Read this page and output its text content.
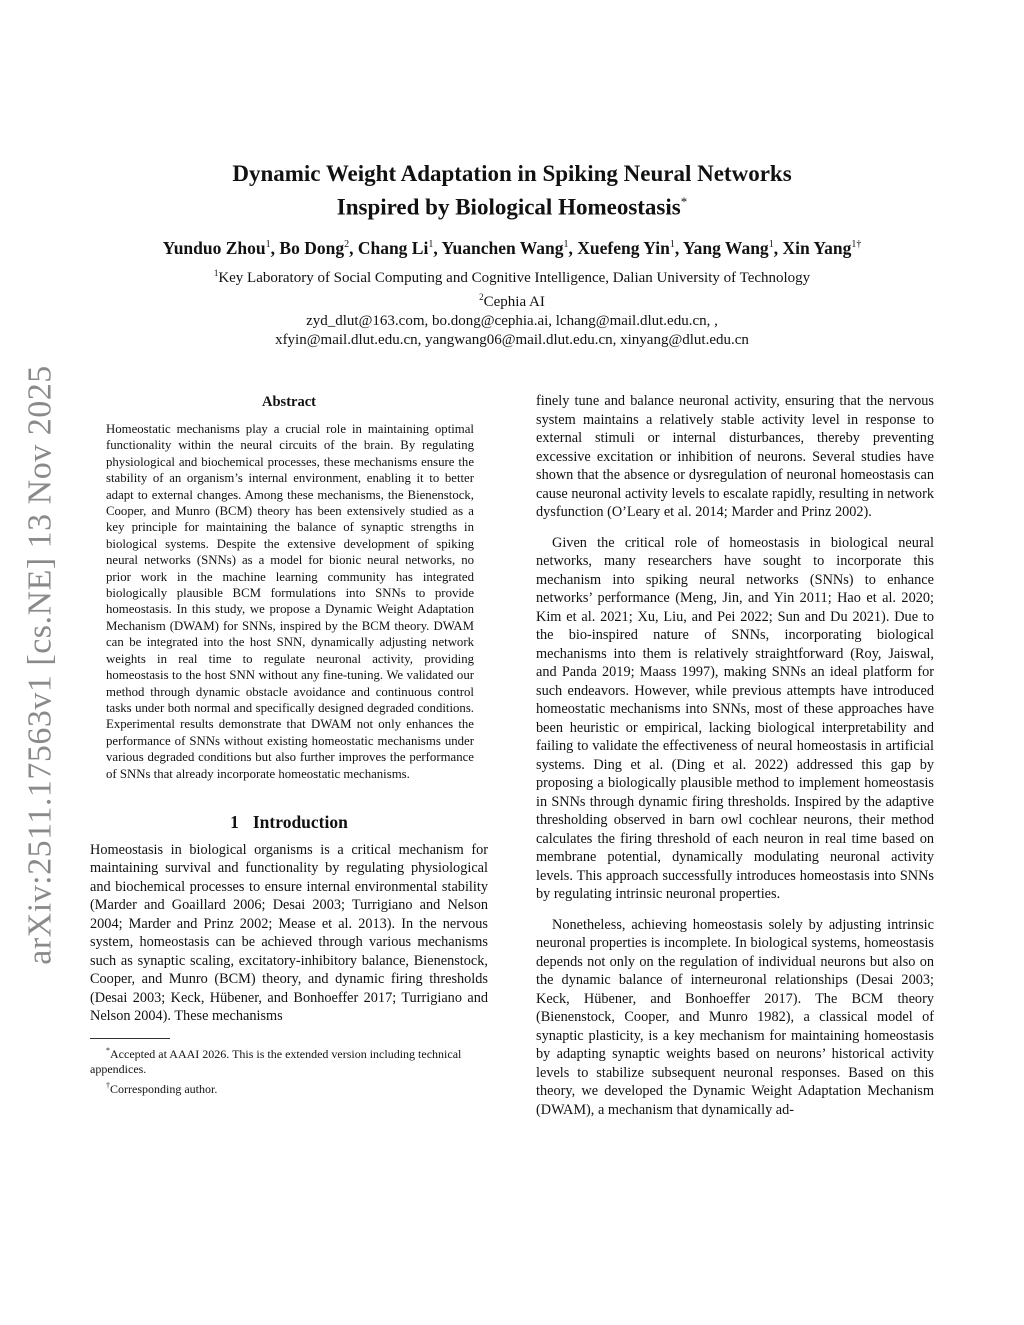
arXiv:2511.17563v1 [cs.NE] 13 Nov 2025
Dynamic Weight Adaptation in Spiking Neural Networks
Inspired by Biological Homeostasis*
Yunduo Zhou$^1$, Bo Dong$^2$, Chang Li$^1$, Yuanchen Wang$^1$, Xuefeng Yin$^1$, Yang Wang$^1$, Xin Yang$^{1\dagger}$
$^1$Key Laboratory of Social Computing and Cognitive Intelligence, Dalian University of Technology
$^2$Cephia AI
zyd_dlut@163.com, bo.dong@cephia.ai, lchang@mail.dlut.edu.cn, ,
xfyin@mail.dlut.edu.cn, yangwang06@mail.dlut.edu.cn, xinyang@dlut.edu.cn
Abstract

Homeostatic mechanisms play a crucial role in maintaining optimal functionality within the neural circuits of the brain. By regulating physiological and biochemical processes, these mechanisms ensure the stability of an organism’s internal environment, enabling it to better adapt to external changes. Among these mechanisms, the Bienenstock, Cooper, and Munro (BCM) theory has been extensively studied as a key principle for maintaining the balance of synaptic strengths in biological systems. Despite the extensive development of spiking neural networks (SNNs) as a model for bionic neural networks, no prior work in the machine learning community has integrated biologically plausible BCM formulations into SNNs to provide homeostasis. In this study, we propose a Dynamic Weight Adaptation Mechanism (DWAM) for SNNs, inspired by the BCM theory. DWAM can be integrated into the host SNN, dynamically adjusting network weights in real time to regulate neuronal activity, providing homeostasis to the host SNN without any fine-tuning. We validated our method through dynamic obstacle avoidance and continuous control tasks under both normal and specifically designed degraded conditions. Experimental results demonstrate that DWAM not only enhances the performance of SNNs without existing homeostatic mechanisms under various degraded conditions but also further improves the performance of SNNs that already incorporate homeostatic mechanisms.

1 Introduction

Homeostasis in biological organisms is a critical mechanism for maintaining survival and functionality by regulating physiological and biochemical processes to ensure internal environmental stability (Marder and Goaillard 2006; Desai 2003; Turrigiano and Nelson 2004; Marder and Prinz 2002; Mease et al. 2013). In the nervous system, homeostasis can be achieved through various mechanisms such as synaptic scaling, excitatory-inhibitory balance, Bienenstock, Cooper, and Munro (BCM) theory, and dynamic firing thresholds (Desai 2003; Keck, Hübener, and Bonhoeffer 2017; Turrigiano and Nelson 2004). These mechanisms

*Accepted at AAAI 2026. This is the extended version including technical appendices.

†Corresponding author.

finely tune and balance neuronal activity, ensuring that the nervous system maintains a relatively stable activity level in response to external stimuli or internal disturbances, thereby preventing excessive excitation or inhibition of neurons. Several studies have shown that the absence or dysregulation of neuronal homeostasis can cause neuronal activity levels to escalate rapidly, resulting in network dysfunction (O’Leary et al. 2014; Marder and Prinz 2002).

Given the critical role of homeostasis in biological neural networks, many researchers have sought to incorporate this mechanism into spiking neural networks (SNNs) to enhance networks’ performance (Meng, Jin, and Yin 2011; Hao et al. 2020; Kim et al. 2021; Xu, Liu, and Pei 2022; Sun and Du 2021). Due to the bio-inspired nature of SNNs, incorporating biological mechanisms into them is relatively straightforward (Roy, Jaiswal, and Panda 2019; Maass 1997), making SNNs an ideal platform for such endeavors. However, while previous attempts have introduced homeostatic mechanisms into SNNs, most of these approaches have been heuristic or empirical, lacking biological interpretability and failing to validate the effectiveness of neural homeostasis in artificial systems. Ding et al. (Ding et al. 2022) addressed this gap by proposing a biologically plausible method to implement homeostasis in SNNs through dynamic firing thresholds. Inspired by the adaptive thresholding observed in barn owl cochlear neurons, their method calculates the firing threshold of each neuron in real time based on membrane potential, dynamically modulating neuronal activity levels. This approach successfully introduces homeostasis into SNNs by regulating intrinsic neuronal properties.

Nonetheless, achieving homeostasis solely by adjusting intrinsic neuronal properties is incomplete. In biological systems, homeostasis depends not only on the regulation of individual neurons but also on the dynamic balance of interneuronal relationships (Desai 2003; Keck, Hübener, and Bonhoeffer 2017). The BCM theory (Bienenstock, Cooper, and Munro 1982), a classical model of synaptic plasticity, is a key mechanism for maintaining homeostasis by adapting synaptic weights based on neurons’ historical activity levels to stabilize subsequent neuronal responses. Based on this theory, we developed the Dynamic Weight Adaptation Mechanism (DWAM), a mechanism that dynamically ad-
